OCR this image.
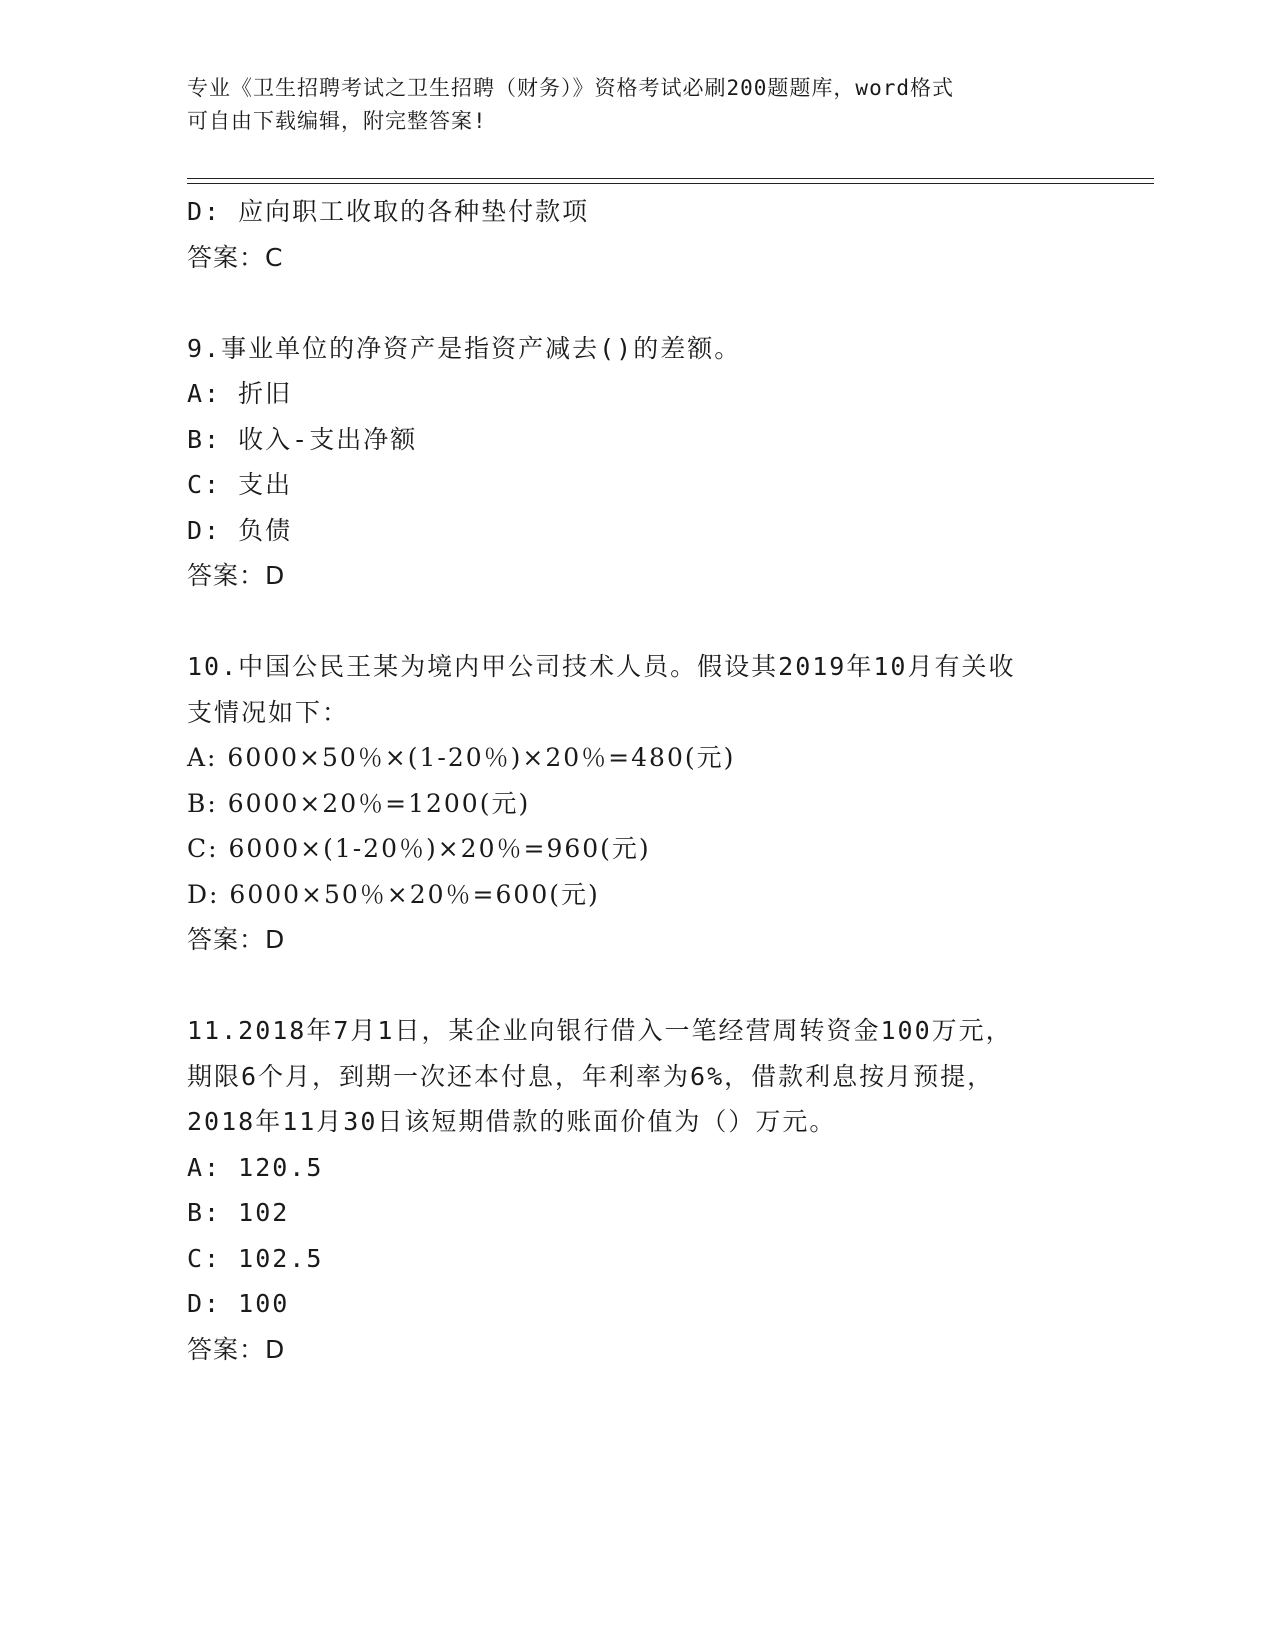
专业《卫生招聘考试之卫生招聘（财务）》资格考试必刷200题题库，word格式
可自由下载编辑，附完整答案!
D: 应向职工收取的各种垫付款项
答案：C
9.事业单位的净资产是指资产减去()的差额。
A: 折旧
B: 收入-支出净额
C: 支出
D: 负债
答案：D
10.中国公民王某为境内甲公司技术人员。假设其2019年10月有关收
支情况如下：
A: 6000×50％×(1-20％)×20％=480(元)
B: 6000×20％=1200(元)
C: 6000×(1-20％)×20％=960(元)
D: 6000×50％×20％=600(元)
答案：D
11.2018年7月1日，某企业向银行借入一笔经营周转资金100万元，
期限6个月，到期一次还本付息，年利率为6%，借款利息按月预提，
2018年11月30日该短期借款的账面价值为（）万元。
A: 120.5
B: 102
C: 102.5
D: 100
答案：D
